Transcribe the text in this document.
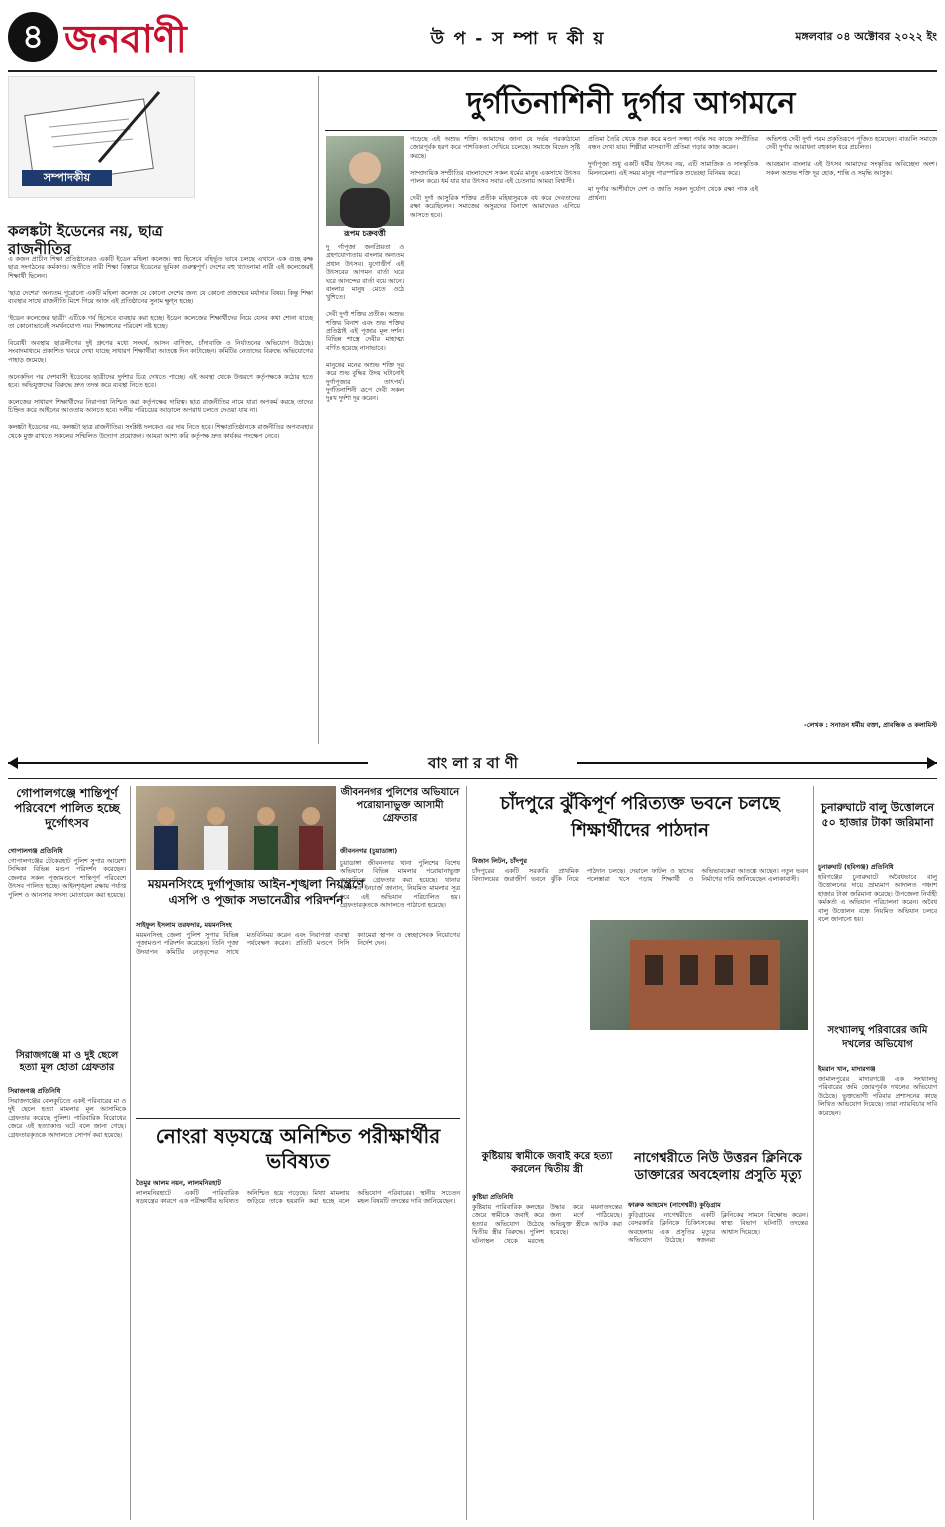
৪ জনবাণী	উ প - স ম্পা দ কী য়	মঙ্গলবার ০৪ অক্টোবর ২০২২ ইং
সম্পাদকীয়
কলঙ্কটা ইডেনের নয়, ছাত্র রাজনীতির
এ কজন প্রাচীন শিক্ষা প্রতিষ্ঠানেরও একটি ইডেন মহিলা কলেজ। স্বপ্ন হিসেবে বহির্ভূত ভাবে চলছে এখানে এক গুচ্ছ রুক্ষ ছাত্র সংগঠনের কর্মকাণ্ড। অতীতে নারী শিক্ষা বিস্তারে ইডেনের ভূমিকা গুরুত্বপূর্ণ। দেশের বহু খ্যাতনামা নারী এই কলেজেরই শিক্ষার্থী ছিলেন।

'ছাত্র দেশের' অন্যতম পুরোনো একটি মহিলা কলেজ যে কোনো দেশের জন্য যে কোনো প্রজন্মের মর্যাদার বিষয়। কিন্তু শিক্ষা ব্যবস্থার সাথে রাজনীতি মিশে গিয়ে আজ এই প্রতিষ্ঠানের সুনাম ক্ষুণ্ন হচ্ছে।

'ইডেন কলেজের ছাত্রী' এটিকে গর্ব হিসেবে ব্যবহার করা হচ্ছে। ইডেন কলেজের শিক্ষার্থীদের নিয়ে যেসব কথা শোনা যাচ্ছে তা কোনোভাবেই সমর্থনযোগ্য নয়। শিক্ষাঙ্গনের পরিবেশ নষ্ট হচ্ছে।

বিরোধী অবস্থায় ছাত্রলীগের দুই গ্রুপের মধ্যে সংঘর্ষ, আসন বাণিজ্য, চাঁদাবাজি ও নির্যাতনের অভিযোগ উঠেছে। সংবাদমাধ্যমে প্রকাশিত খবরে দেখা যাচ্ছে সাধারণ শিক্ষার্থীরা আতঙ্কে দিন কাটাচ্ছেন। কমিটির নেতাদের বিরুদ্ধে অভিযোগের পাহাড় জমেছে।

অনেকদিন পর দেশবাসী ইডেনের ছাত্রীদের দুর্দশার চিত্র দেখতে পাচ্ছে। এই অবস্থা থেকে উত্তরণে কর্তৃপক্ষকে কঠোর হতে হবে। অভিযুক্তদের বিরুদ্ধে দ্রুত তদন্ত করে ব্যবস্থা নিতে হবে।

কলেজের সাধারণ শিক্ষার্থীদের নিরাপত্তা নিশ্চিত করা কর্তৃপক্ষের দায়িত্ব। ছাত্র রাজনীতির নামে যারা অপকর্ম করছে তাদের চিহ্নিত করে আইনের আওতায় আনতে হবে। দলীয় পরিচয়ের আড়ালে অপরাধ চলতে দেওয়া যায় না।

কলঙ্কটা ইডেনের নয়, কলঙ্কটা ছাত্র রাজনীতির। সংশ্লিষ্ট দলকেও এর দায় নিতে হবে। শিক্ষাপ্রতিষ্ঠানকে রাজনীতির অপব্যবহার থেকে মুক্ত রাখতে সকলের সম্মিলিত উদ্যোগ প্রয়োজন। আমরা আশা করি কর্তৃপক্ষ দ্রুত কার্যকর পদক্ষেপ নেবে।
দুর্গতিনাশিনী দুর্গার আগমনে
রূপম চক্রবর্ত্তী
দু র্গাপূজা জনপ্রিয়তা ও গ্রহণযোগ্যতায় বাংলার অন্যতম প্রধান উৎসব। যুগোত্তীর্ণ এই উৎসবের আগমন বার্তা ঘরে ঘরে আনন্দের বার্তা বয়ে আনে। বাংলার মানুষ মেতে ওঠে খুশিতে।

দেবী দুর্গা শক্তির প্রতীক। অশুভ শক্তির বিনাশ এবং শুভ শক্তির প্রতিষ্ঠাই এই পূজার মূল দর্শন। বিভিন্ন শাস্ত্রে দেবীর মাহাত্ম্য বর্ণিত হয়েছে নানাভাবে।

মানুষের মনের অশুভ শক্তি দূর করে শুভ বুদ্ধির উদয় ঘটানোই দুর্গাপূজার তাৎপর্য। দুর্গতিনাশিনী রূপে দেবী সকল দুঃখ দুর্দশা দূর করেন।
পড়েছে এই অশুভ শক্তি। আমাদের জানা যে দৰ্ভয় পরকাঠামো জোরপূর্বক হরণ করে পাশবিকতা দেখিয়ে চলেছে। সমাজে বিভেদ সৃষ্টি করছে।

সাম্প্রদায়িক সম্প্রীতির বাংলাদেশে সকল ধর্মের মানুষ একসাথে উৎসব পালন করে। ধর্ম যার যার উৎসব সবার এই চেতনায় আমরা বিশ্বাসী।

দেবী দুর্গা আসুরিক শক্তির প্রতীক মহিষাসুরকে বধ করে দেবতাদের রক্ষা করেছিলেন। সমাজের অসুরদের বিনাশে আমাদেরও এগিয়ে আসতে হবে।
প্রতিমা তৈরি থেকে শুরু করে মণ্ডপ সজ্জা পর্যন্ত সব কাজে সম্প্রীতির বন্ধন দেখা যায়। শিল্পীরা মাসব্যাপী প্রতিমা গড়ার কাজ করেন।

দুর্গাপূজা শুধু একটি ধর্মীয় উৎসব নয়, এটি সামাজিক ও সাংস্কৃতিক মিলনমেলা। এই সময় মানুষ পারস্পরিক শুভেচ্ছা বিনিময় করে।

মা দুর্গার আশীর্বাদে দেশ ও জাতি সকল দুর্যোগ থেকে রক্ষা পাক এই প্রার্থনা।
অভিশপ্ত দেবী দুর্গা পরম প্রকৃতিরূপে পূজিত হয়েছেন। বাঙালি সমাজে দেবী দুর্গার আরাধনা বহুকাল ধরে প্রচলিত।

আবহমান বাংলার এই উৎসব আমাদের সংস্কৃতির অবিচ্ছেদ্য অংশ। সকল অশুভ শক্তি দূর হোক, শান্তি ও সমৃদ্ধি আসুক।
-লেখক : সনাতন ধর্মীয় বক্তা, প্রাবন্ধিক ও কলামিস্ট
বাং লা র বা ণী
গোপালগঞ্জে শান্তিপূর্ণ পরিবেশে পালিত হচ্ছে দুর্গোৎসব
গোপালগঞ্জ প্রতিনিধি
গোপালগঞ্জের টেকেরহাট পুলিশ সুপার আয়েশা সিদ্দিকা বিভিন্ন মণ্ডপ পরিদর্শন করেছেন। জেলার সকল পূজামণ্ডপে শান্তিপূর্ণ পরিবেশে উৎসব পালিত হচ্ছে। আইনশৃঙ্খলা রক্ষায় পর্যাপ্ত পুলিশ ও আনসার সদস্য মোতায়েন করা হয়েছে।
সিরাজগঞ্জে মা ও দুই ছেলে হত্যা মূল হোতা গ্রেফতার
সিরাজগঞ্জ প্রতিনিধি
সিরাজগঞ্জের বেলকুচিতে একই পরিবারের মা ও দুই ছেলে হত্যা মামলার মূল আসামিকে গ্রেফতার করেছে পুলিশ। পারিবারিক বিরোধের জেরে এই হত্যাকাণ্ড ঘটে বলে জানা গেছে। গ্রেফতারকৃতকে আদালতে সোপর্দ করা হয়েছে।
জীবননগর পুলিশের অভিযানে পরোয়ানাভুক্ত আসামী গ্রেফতার
জীবননগর (চুয়াডাঙ্গা)
চুয়াডাঙ্গা জীবননগর থানা পুলিশের বিশেষ অভিযানে বিভিন্ন মামলার পরোয়ানাভুক্ত আসামিকে গ্রেফতার করা হয়েছে। থানার অফিসার ইনচার্জ জানান, নিয়মিত মামলার সূত্র ধরে এই অভিযান পরিচালিত হয়। গ্রেফতারকৃতকে আদালতে পাঠানো হয়েছে।
ময়মনসিংহে দুর্গাপূজায় আইন-শৃঙ্খলা নিয়ন্ত্রণে এসপি ও পূজাক সভানেত্রীর পরিদর্শন
সাইফুল ইসলাম তরফদার, ময়মনসিংহ
ময়মনসিংহ জেলা পুলিশ সুপার বিভিন্ন পূজামণ্ডপ পরিদর্শন করেছেন। তিনি পূজা উদযাপন কমিটির নেতৃবৃন্দের সাথে মতবিনিময় করেন এবং নিরাপত্তা ব্যবস্থা পর্যবেক্ষণ করেন। প্রতিটি মণ্ডপে সিসি ক্যামেরা স্থাপন ও স্বেচ্ছাসেবক নিয়োগের নির্দেশ দেন।
নোংরা ষড়যন্ত্রে অনিশ্চিত পরীক্ষার্থীর ভবিষ্যত
তৈমুর আলম নয়ন, লালমনিরহাট
লালমনিরহাটে একটি পারিবারিক ষড়যন্ত্রের কারণে এক পরীক্ষার্থীর ভবিষ্যত অনিশ্চিত হয়ে পড়েছে। মিথ্যা মামলায় জড়িয়ে তাকে হয়রানি করা হচ্ছে বলে অভিযোগ পরিবারের। স্থানীয় সচেতন মহল বিষয়টি তদন্তের দাবি জানিয়েছেন।
চাঁদপুরে ঝুঁকিপূর্ণ পরিত্যক্ত ভবনে চলছে শিক্ষার্থীদের পাঠদান
মিজান লিটন, চাঁদপুর
চাঁদপুরের একটি সরকারি প্রাথমিক বিদ্যালয়ের জরাজীর্ণ ভবনে ঝুঁকি নিয়ে পাঠদান চলছে। দেয়ালে ফাটল ও ছাদের পলেস্তারা খসে পড়ায় শিক্ষার্থী ও অভিভাবকেরা আতঙ্কে আছেন। নতুন ভবন নির্মাণের দাবি জানিয়েছেন এলাকাবাসী।
কুষ্টিয়ায় স্বামীকে জবাই করে হত্যা করলেন দ্বিতীয় স্ত্রী
কুষ্টিয়া প্রতিনিধি
কুষ্টিয়ায় পারিবারিক কলহের জেরে স্বামীকে জবাই করে হত্যার অভিযোগ উঠেছে দ্বিতীয় স্ত্রীর বিরুদ্ধে। পুলিশ ঘটনাস্থল থেকে মরদেহ উদ্ধার করে ময়নাতদন্তের জন্য মর্গে পাঠিয়েছে। অভিযুক্ত স্ত্রীকে আটক করা হয়েছে।
নাগেশ্বরীতে নিউ উত্তরন ক্লিনিকে ডাক্তারের অবহেলায় প্রসুতি মৃত্যু
ফারুক আহমেদ (নাগেশ্বরী) কুড়িগ্রাম
কুড়িগ্রামের নাগেশ্বরীতে একটি বেসরকারি ক্লিনিকে চিকিৎসকের অবহেলায় এক প্রসুতির মৃত্যুর অভিযোগ উঠেছে। স্বজনরা ক্লিনিকের সামনে বিক্ষোভ করেন। স্বাস্থ্য বিভাগ ঘটনাটি তদন্তের আশ্বাস দিয়েছে।
চুনারুঘাটে বালু উত্তোলনে ৫০ হাজার টাকা জরিমানা
চুনারুঘাট (হবিগঞ্জ) প্রতিনিধি
হবিগঞ্জের চুনারুঘাটে অবৈধভাবে বালু উত্তোলনের দায়ে ভ্রাম্যমাণ আদালত পঞ্চাশ হাজার টাকা জরিমানা করেছে। উপজেলা নির্বাহী কর্মকর্তা এ অভিযান পরিচালনা করেন। অবৈধ বালু উত্তোলন বন্ধে নিয়মিত অভিযান চলবে বলে জানানো হয়।
সংখ্যালঘু পরিবারের জমি দখলের অভিযোগ
ইমরান খান, মাদারগঞ্জ
জামালপুরের মাদারগঞ্জে এক সংখ্যালঘু পরিবারের জমি জোরপূর্বক দখলের অভিযোগ উঠেছে। ভুক্তভোগী পরিবার প্রশাসনের কাছে লিখিত অভিযোগ দিয়েছে। তারা ন্যায়বিচার দাবি করেছেন।
